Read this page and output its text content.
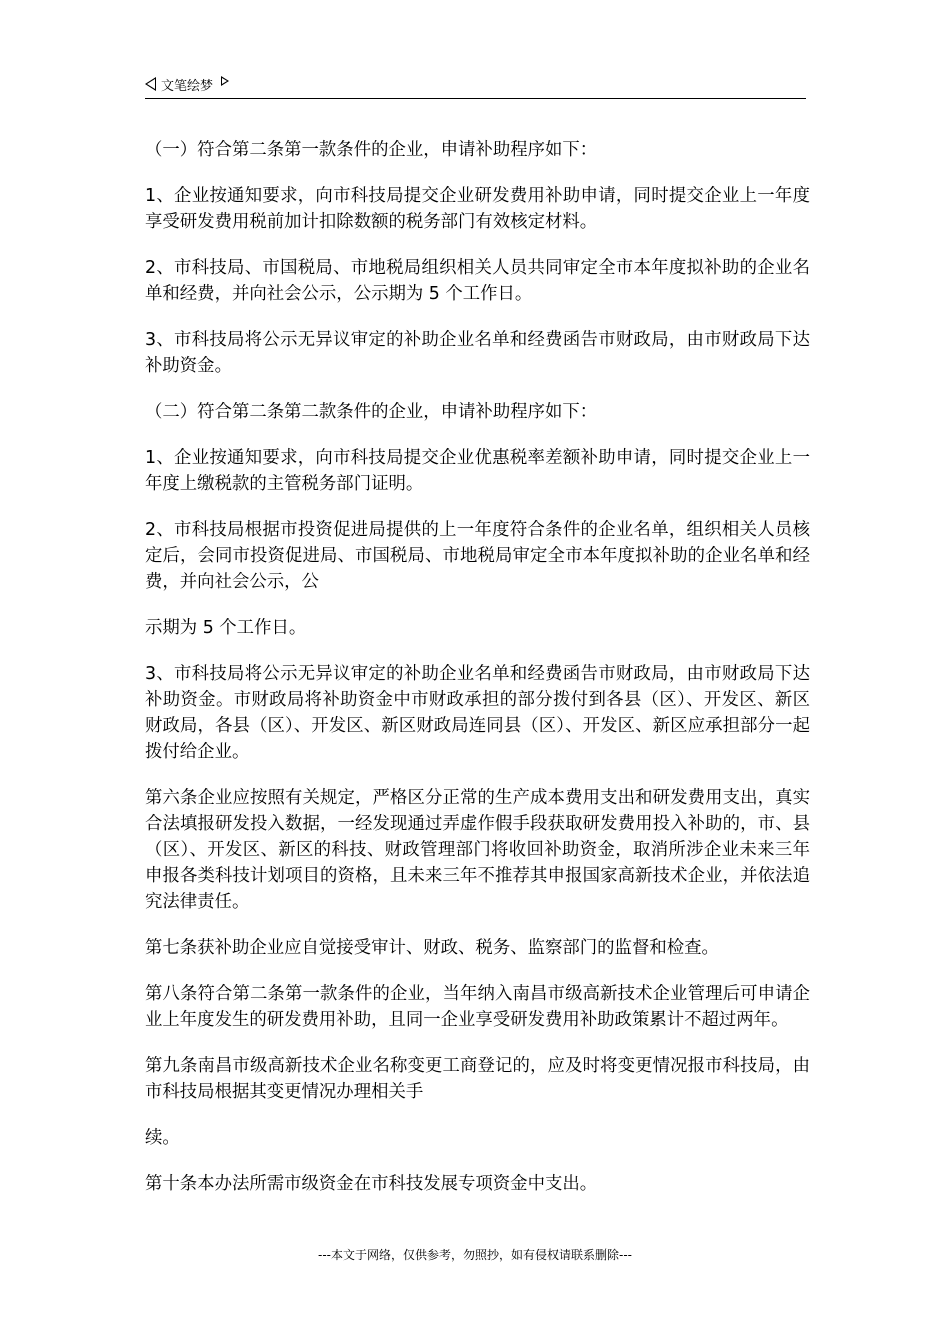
文笔绘梦

（一）符合第二条第一款条件的企业，申请补助程序如下：

1、企业按通知要求，向市科技局提交企业研发费用补助申请，同时提交企业上一年度享受研发费用税前加计扣除数额的税务部门有效核定材料。

2、市科技局、市国税局、市地税局组织相关人员共同审定全市本年度拟补助的企业名单和经费，并向社会公示，公示期为 5 个工作日。

3、市科技局将公示无异议审定的补助企业名单和经费函告市财政局，由市财政局下达补助资金。

（二）符合第二条第二款条件的企业，申请补助程序如下：

1、企业按通知要求，向市科技局提交企业优惠税率差额补助申请，同时提交企业上一年度上缴税款的主管税务部门证明。

2、市科技局根据市投资促进局提供的上一年度符合条件的企业名单，组织相关人员核定后，会同市投资促进局、市国税局、市地税局审定全市本年度拟补助的企业名单和经费，并向社会公示，公

示期为 5 个工作日。

3、市科技局将公示无异议审定的补助企业名单和经费函告市财政局，由市财政局下达补助资金。市财政局将补助资金中市财政承担的部分拨付到各县（区）、开发区、新区财政局，各县（区）、开发区、新区财政局连同县（区）、开发区、新区应承担部分一起拨付给企业。

第六条企业应按照有关规定，严格区分正常的生产成本费用支出和研发费用支出，真实合法填报研发投入数据，一经发现通过弄虚作假手段获取研发费用投入补助的，市、县（区）、开发区、新区的科技、财政管理部门将收回补助资金，取消所涉企业未来三年申报各类科技计划项目的资格，且未来三年不推荐其申报国家高新技术企业，并依法追究法律责任。

第七条获补助企业应自觉接受审计、财政、税务、监察部门的监督和检查。

第八条符合第二条第一款条件的企业，当年纳入南昌市级高新技术企业管理后可申请企业上年度发生的研发费用补助，且同一企业享受研发费用补助政策累计不超过两年。

第九条南昌市级高新技术企业名称变更工商登记的，应及时将变更情况报市科技局，由市科技局根据其变更情况办理相关手

续。

第十条本办法所需市级资金在市科技发展专项资金中支出。

---本文于网络，仅供参考，勿照抄，如有侵权请联系删除---
